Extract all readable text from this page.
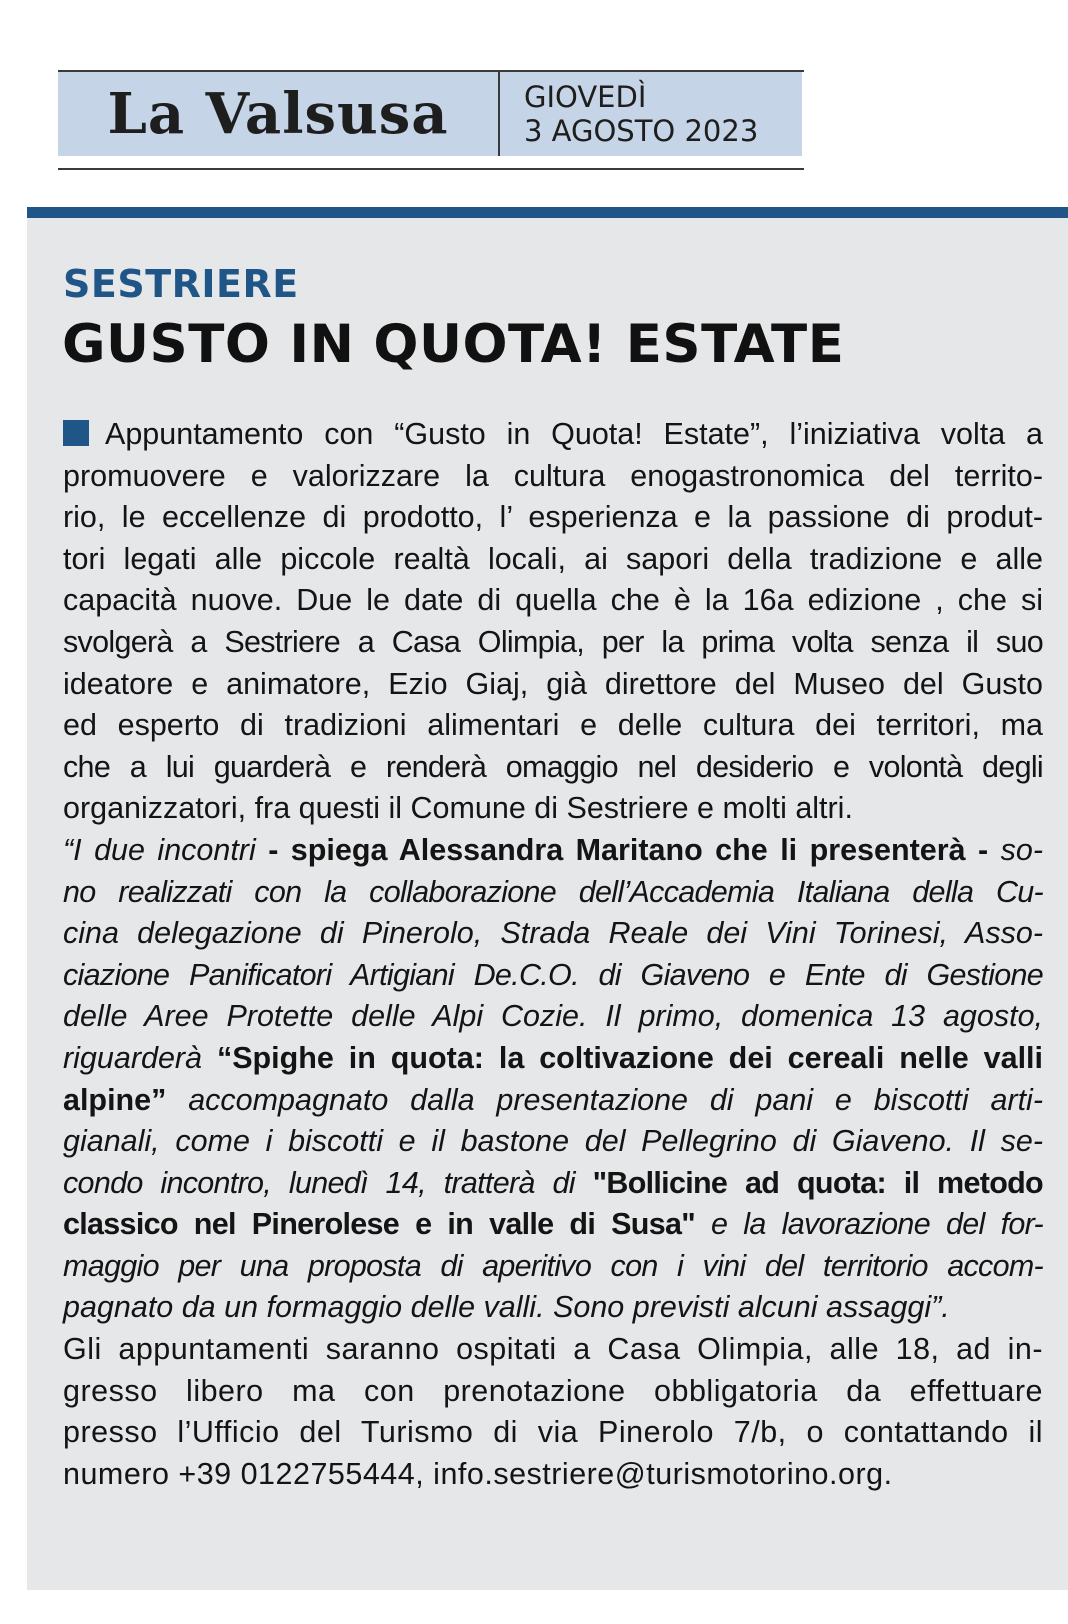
La Valsusa	GIOVEDÌ
3 AGOSTO 2023
SESTRIERE
GUSTO IN QUOTA! ESTATE
Appuntamento con “Gusto in Quota! Estate”, l’iniziativa volta a
promuovere e valorizzare la cultura enogastronomica del territo-
rio, le eccellenze di prodotto, l’ esperienza e la passione di produt-
tori legati alle piccole realtà locali, ai sapori della tradizione e alle
capacità nuove. Due le date di quella che è la 16a edizione , che si
svolgerà a Sestriere a Casa Olimpia, per la prima volta senza il suo
ideatore e animatore, Ezio Giaj, già direttore del Museo del Gusto
ed esperto di tradizioni alimentari e delle cultura dei territori, ma
che a lui guarderà e renderà omaggio nel desiderio e volontà degli
organizzatori, fra questi il Comune di Sestriere e molti altri.
“I due incontri - spiega Alessandra Maritano che li presenterà - so-
no realizzati con la collaborazione dell’Accademia Italiana della Cu-
cina delegazione di Pinerolo, Strada Reale dei Vini Torinesi, Asso-
ciazione Panificatori Artigiani De.C.O. di Giaveno e Ente di Gestione
delle Aree Protette delle Alpi Cozie. Il primo, domenica 13 agosto,
riguarderà “Spighe in quota: la coltivazione dei cereali nelle valli
alpine” accompagnato dalla presentazione di pani e biscotti arti-
gianali, come i biscotti e il bastone del Pellegrino di Giaveno. Il se-
condo incontro, lunedì 14, tratterà di "Bollicine ad quota: il metodo
classico nel Pinerolese e in valle di Susa" e la lavorazione del for-
maggio per una proposta di aperitivo con i vini del territorio accom-
pagnato da un formaggio delle valli. Sono previsti alcuni assaggi”.
Gli appuntamenti saranno ospitati a Casa Olimpia, alle 18, ad in-
gresso libero ma con prenotazione obbligatoria da effettuare
presso l’Ufficio del Turismo di via Pinerolo 7/b, o contattando il
numero +39 0122755444, info.sestriere@turismotorino.org.
